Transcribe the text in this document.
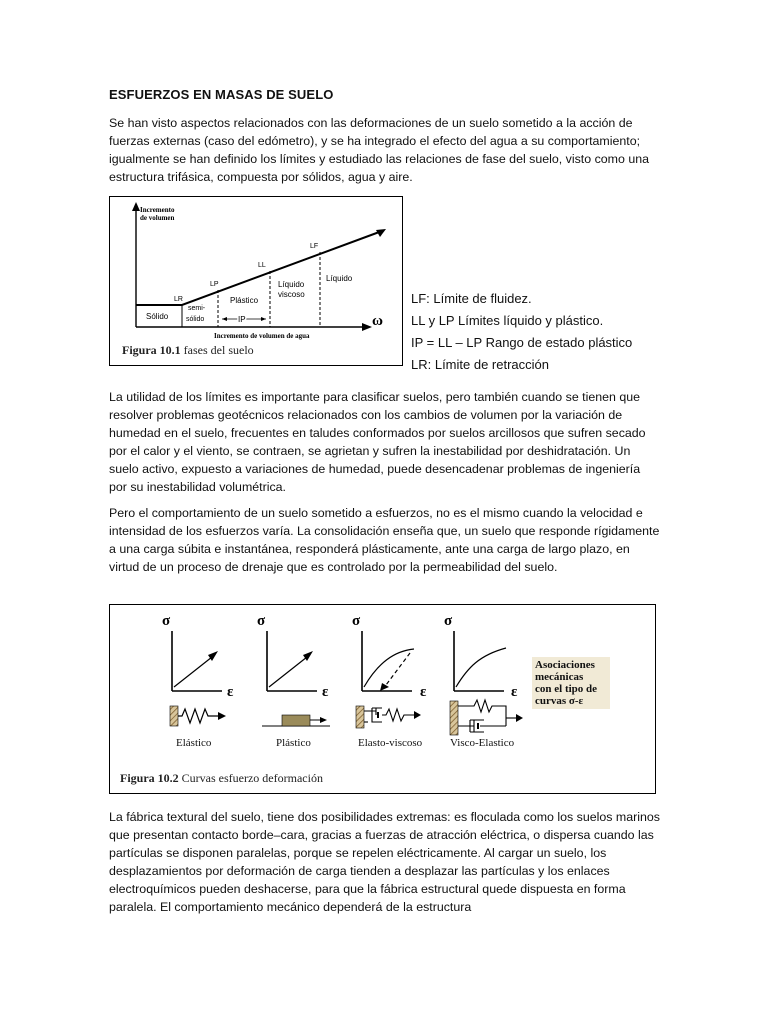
ESFUERZOS EN MASAS DE SUELO

Se han visto aspectos relacionados con las deformaciones de un suelo sometido a la acción de fuerzas externas (caso del edómetro), y se ha integrado el efecto del agua a su comportamiento; igualmente se han definido los límites y estudiado las relaciones de fase del suelo, visto como una estructura trifásica, compuesta por sólidos, agua y aire.

Incremento
de volumen
Incremento de volumen de agua
ω
Sólido
semi-
sólido
Plástico
Líquido
viscoso
Líquido
LR
LP
LL
LF
IP
Figura 10.1 fases del suelo
LF: Límite de fluidez.
LL y LP Límites líquido y plástico.
IP = LL – LP Rango de estado plástico
LR: Límite de retracción

La utilidad de los límites es importante para clasificar suelos, pero también cuando se tienen que resolver problemas geotécnicos relacionados con los cambios de volumen por la variación de humedad en el suelo, frecuentes en taludes conformados por suelos arcillosos que sufren secado por el calor y el viento, se contraen, se agrietan y sufren la inestabilidad por deshidratación. Un suelo activo, expuesto a variaciones de humedad, puede desencadenar problemas de ingeniería por su inestabilidad volumétrica.

Pero el comportamiento de un suelo sometido a esfuerzos, no es el mismo cuando la velocidad e intensidad de los esfuerzos varía. La consolidación enseña que, un suelo que responde rígidamente a una carga súbita e instantánea, responderá plásticamente, ante una carga de largo plazo, en virtud de un proceso de drenaje que es controlado por la permeabilidad del suelo.

σ
ε
σ
ε
σ
ε
σ
ε
Asociaciones
mecánicas
con el tipo de
curvas σ-ε
Elástico	Plástico	Elasto-viscoso	Visco-Elastico
Figura 10.2 Curvas esfuerzo deformación

La fábrica textural del suelo, tiene dos posibilidades extremas: es floculada como los suelos marinos que presentan contacto borde–cara, gracias a fuerzas de atracción eléctrica, o dispersa cuando las partículas se disponen paralelas, porque se repelen eléctricamente. Al cargar un suelo, los desplazamientos por deformación de carga tienden a desplazar las partículas y los enlaces electroquímicos pueden deshacerse, para que la fábrica estructural quede dispuesta en forma paralela. El comportamiento mecánico dependerá de la estructura
